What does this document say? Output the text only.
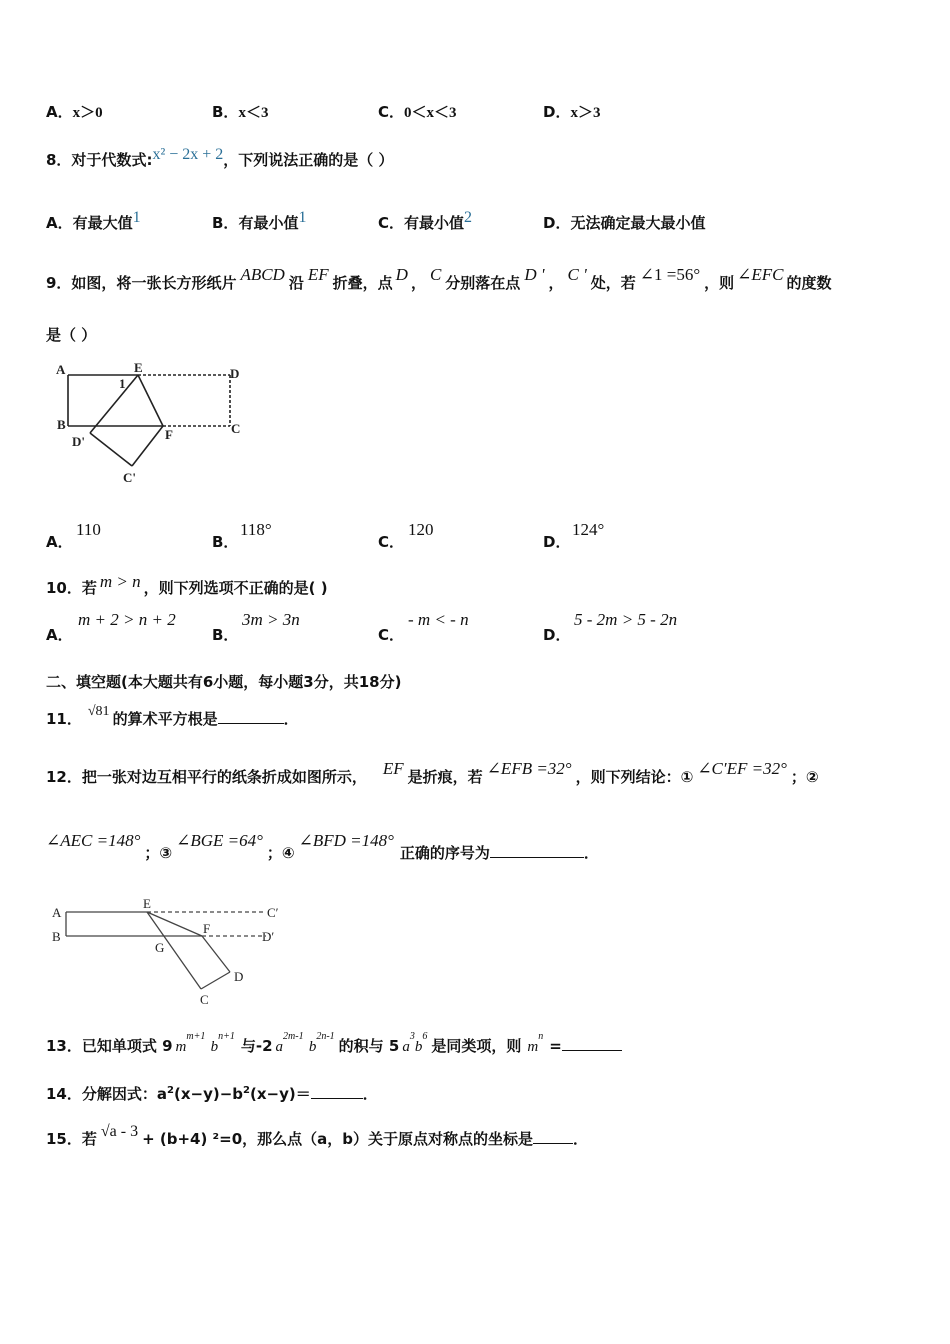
A．x＞0	B．x＜3	C．0＜x＜3	D．x＞3
8．对于代数式:x² − 2x + 2，下列说法正确的是（ ）
A．有最大值1	B．有最小值1	C．有最小值2	D．无法确定最大最小值
9．如图，将一张长方形纸片 ABCD 沿 EF 折叠，点 D ， C 分别落在点 D ' ， C ' 处，若 ∠1 =56° ，则 ∠EFC 的度数
是（ ）
A	E	D
1
B
D'	F	C
C'
A．
110
B．
118°
C．
120
D．
124°
10．若 m > n ，则下列选项不正确的是( )
A．
m + 2 > n + 2
B．
3m > 3n
C．
- m < - n
D．
5 - 2m > 5 - 2n
二、填空题(本大题共有6小题，每小题3分，共18分)
11． √81 的算术平方根是	．
12．把一张对边互相平行的纸条折成如图所示， EF 是折痕，若 ∠EFB =32° ，则下列结论：① ∠C′EF =32° ；②
∠AEC =148°；③∠BGE =64°；④∠BFD =148°正确的序号为	．
A
E
C′
B
F
D′
G
D
C
13．已知单项式 9 $m^{m+1}$ $b^{n+1}$与-2 $a^{2m-1}$ $b^{2n-1}$的积与 5 $a^3b^6$是同类项，则 $m^n=$
14．分解因式：$a^2(x-y)-b^2(x-y)=$	．
15．若 √a - 3 + (b+4) ²=0，那么点（a，b）关于原点对称点的坐标是	．
